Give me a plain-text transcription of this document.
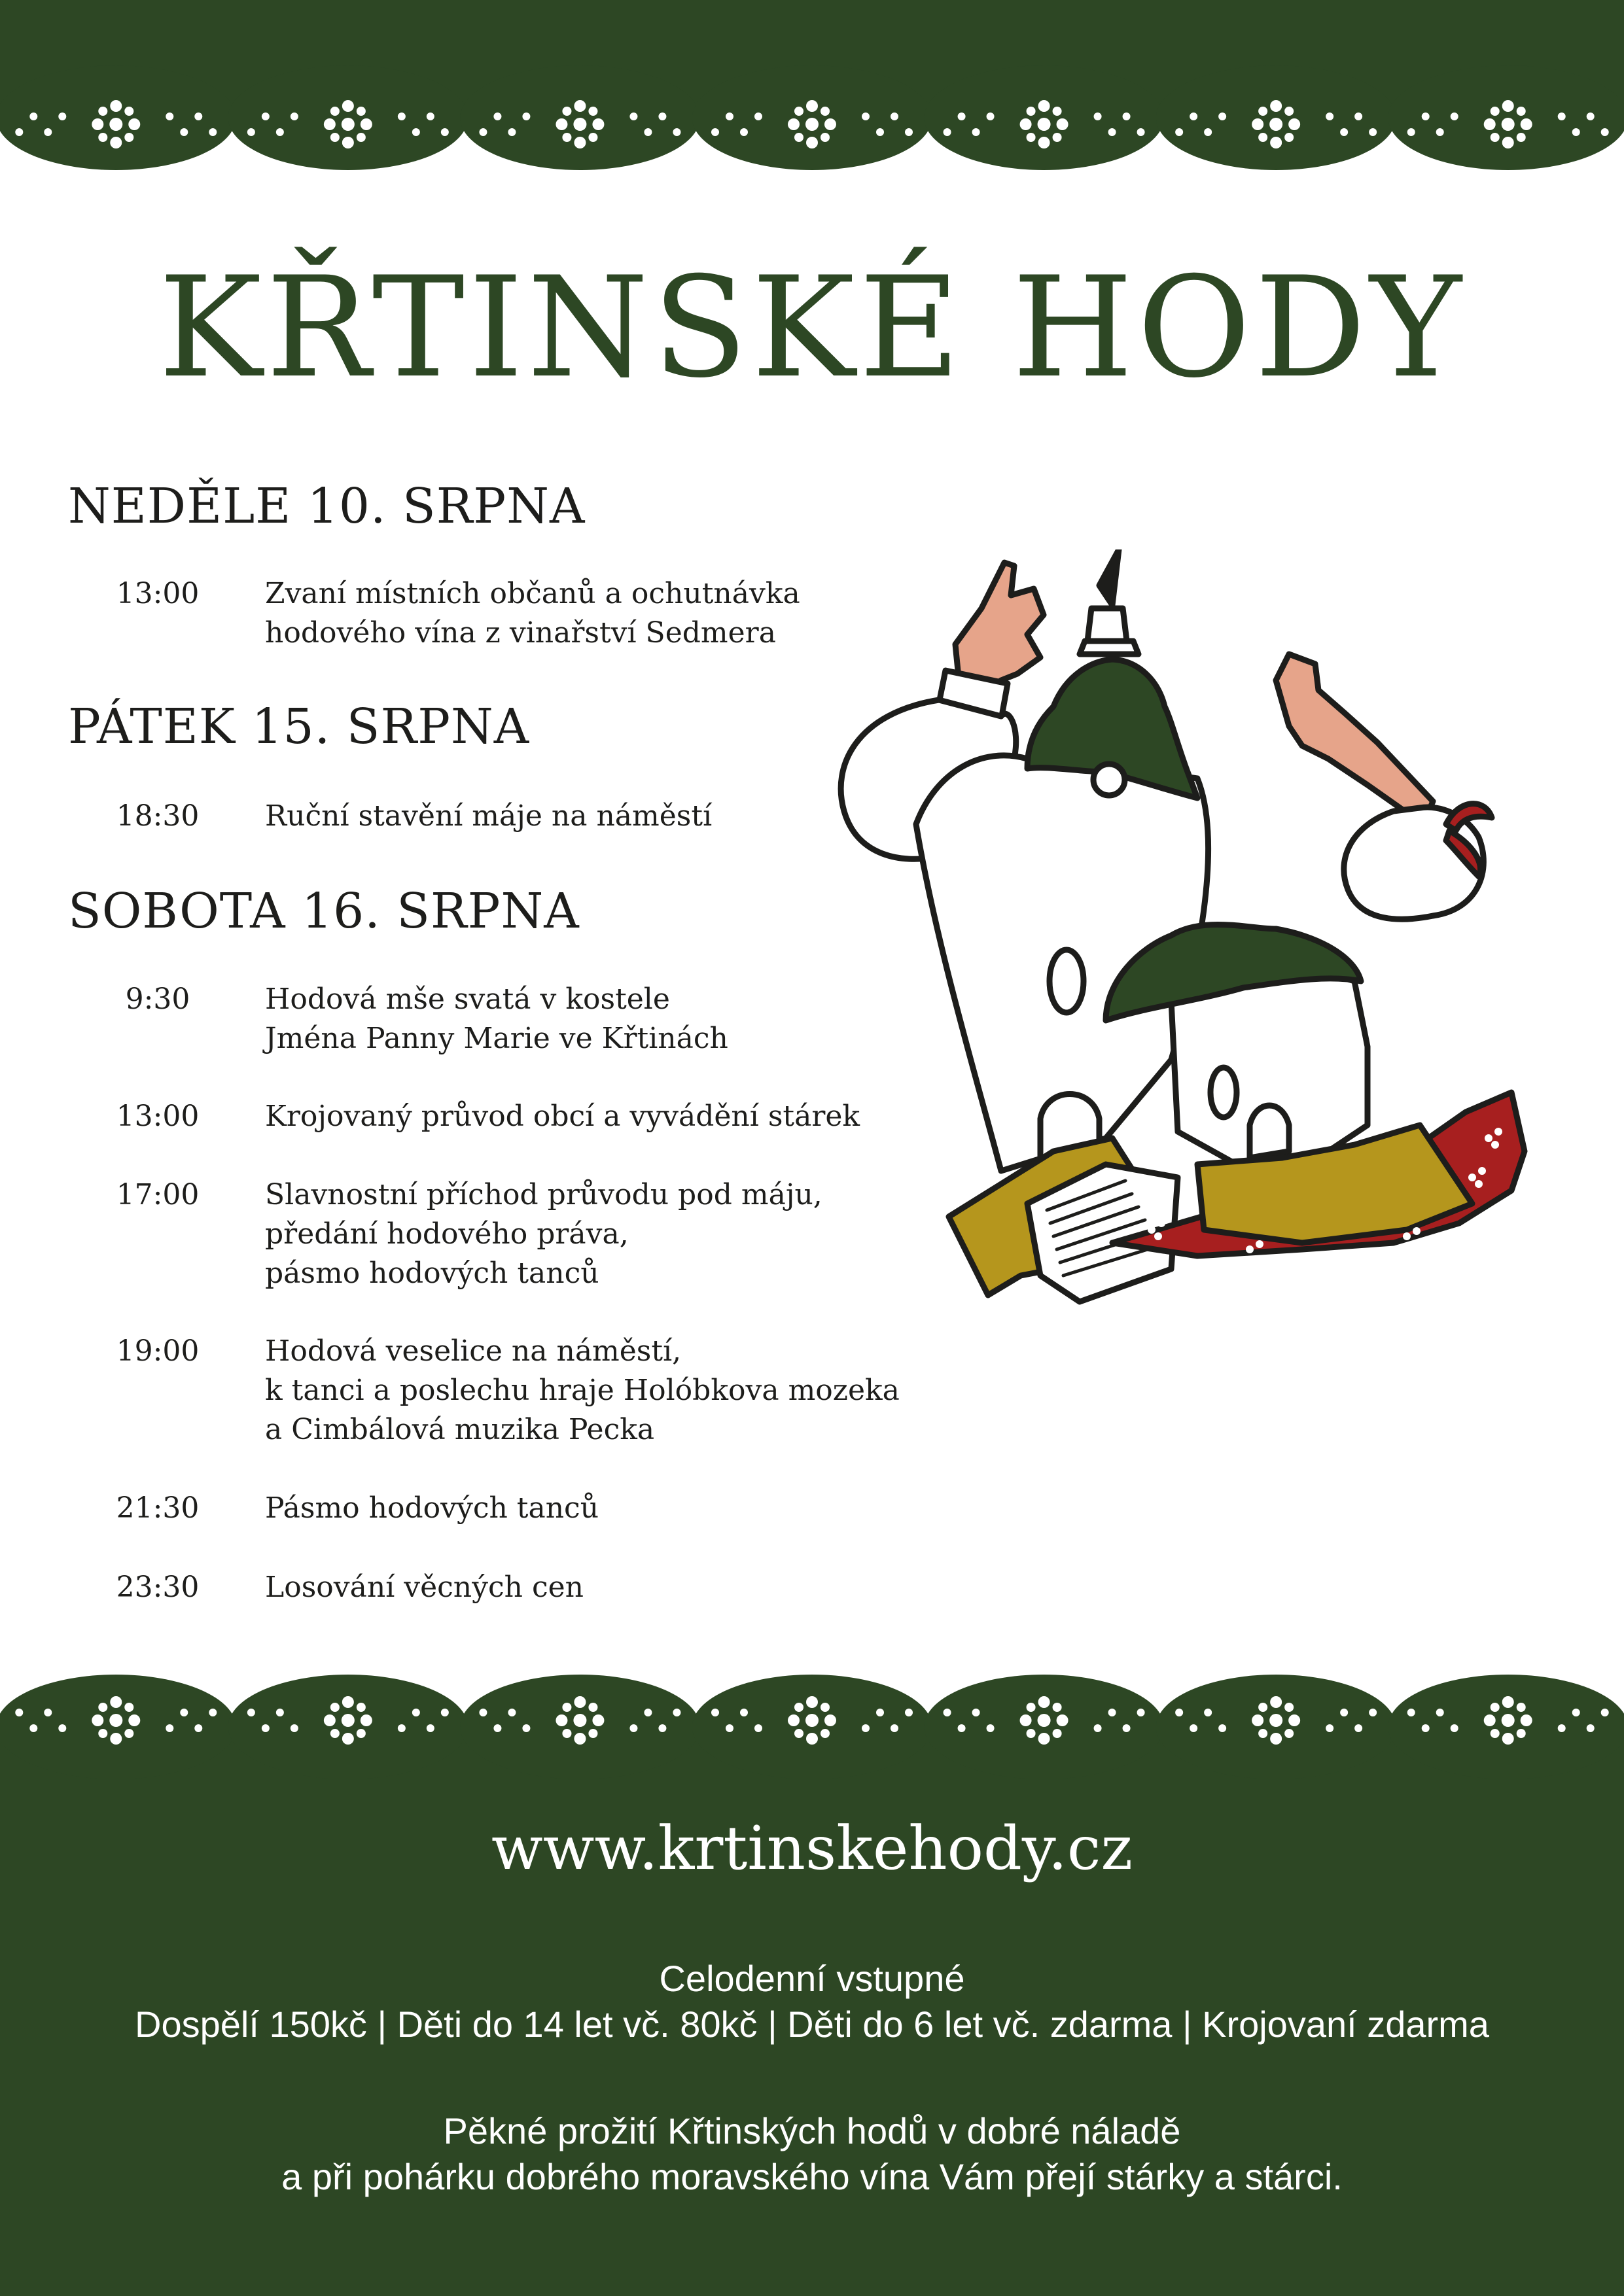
KŘTINSKÉ HODY
NEDĚLE 10. SRPNA
13:00 Zvaní místních občanů a ochutnávka
hodového vína z vinařství Sedmera
PÁTEK 15. SRPNA
18:30 Ruční stavění máje na náměstí
SOBOTA 16. SRPNA
9:30	Hodová mše svatá v kostele
Jména Panny Marie ve Křtinách
13:00 Krojovaný průvod obcí a vyvádění stárek
17:00 Slavnostní příchod průvodu pod máju,
předání hodového práva,
pásmo hodových tanců
19:00 Hodová veselice na náměstí,
k tanci a poslechu hraje Holóbkova mozeka
a Cimbálová muzika Pecka
21:30 Pásmo hodových tanců
23:30 Losování věcných cen
www.krtinskehody.cz
Celodenní vstupné
Dospělí 150kč | Děti do 14 let vč. 80kč | Děti do 6 let vč. zdarma | Krojovaní zdarma
Pěkné prožití Křtinských hodů v dobré náladě
a při pohárku dobrého moravského vína Vám přejí stárky a stárci.
